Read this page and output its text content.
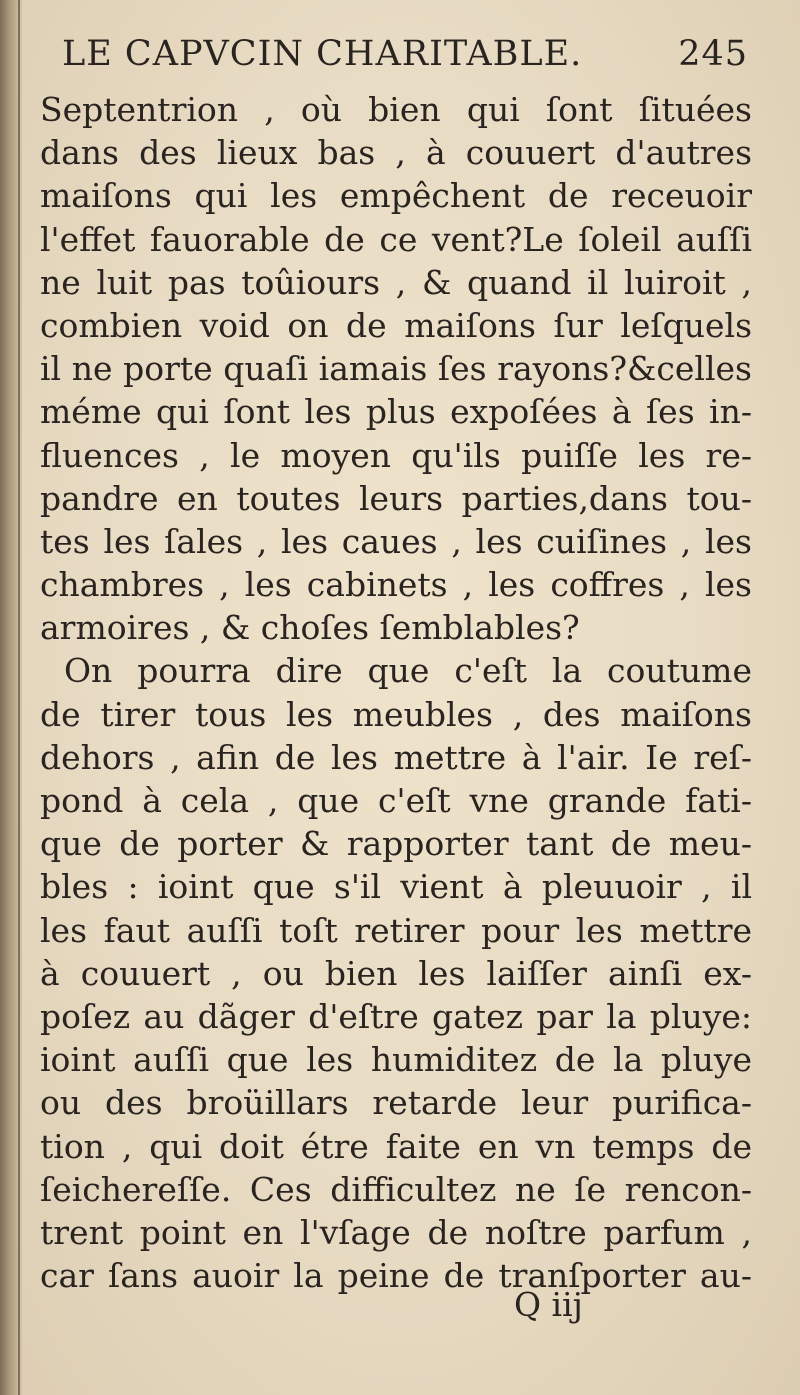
LE CAPVCIN CHARITABLE.	245
Septentrion , où bien qui ſont ſituées
dans des lieux bas , à couuert d'autres
maiſons qui les empêchent de receuoir
l'effet fauorable de ce vent?Le ſoleil auſſi
ne luit pas toûiours , & quand il luiroit ,
combien void on de maiſons ſur leſquels
il ne porte quaſi iamais ſes rayons?&celles
méme qui ſont les plus expoſées à ſes in-
fluences , le moyen qu'ils puiſſe les re-
pandre en toutes leurs parties,dans tou-
tes les ſales , les caues , les cuiſines , les
chambres , les cabinets , les coffres , les
armoires , & choſes ſemblables?
On pourra dire que c'eſt la coutume
de tirer tous les meubles , des maiſons
dehors , afin de les mettre à l'air. Ie reſ-
pond à cela , que c'eſt vne grande fati-
que de porter & rapporter tant de meu-
bles : ioint que s'il vient à pleuuoir , il
les faut auſſi toſt retirer pour les mettre
à couuert , ou bien les laiſſer ainſi ex-
poſez au dãger d'eſtre gatez par la pluye:
ioint auſſi que les humiditez de la pluye
ou des broüillars retarde leur purifica-
tion , qui doit étre faite en vn temps de
ſeichereſſe. Ces difficultez ne ſe rencon-
trent point en l'vſage de noſtre parfum ,
car ſans auoir la peine de tranſporter au-
Q iij
